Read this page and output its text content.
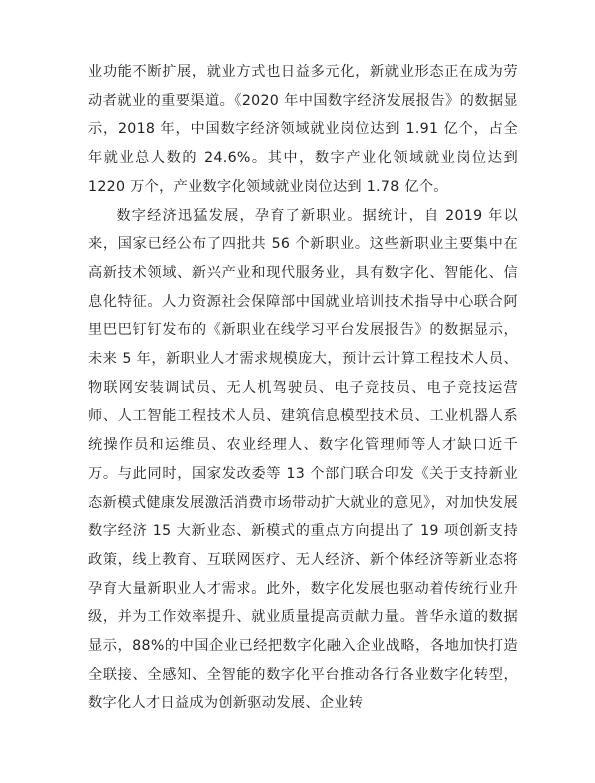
业功能不断扩展，就业方式也日益多元化，新就业形态正在成为劳动者就业的重要渠道。《2020 年中国数字经济发展报告》的数据显示，2018 年，中国数字经济领域就业岗位达到 1.91 亿个，占全年就业总人数的 24.6%。其中，数字产业化领域就业岗位达到 1220 万个，产业数字化领域就业岗位达到 1.78 亿个。

数字经济迅猛发展，孕育了新职业。据统计，自 2019 年以来，国家已经公布了四批共 56 个新职业。这些新职业主要集中在高新技术领域、新兴产业和现代服务业，具有数字化、智能化、信息化特征。人力资源社会保障部中国就业培训技术指导中心联合阿里巴巴钉钉发布的《新职业在线学习平台发展报告》的数据显示，未来 5 年，新职业人才需求规模庞大，预计云计算工程技术人员、物联网安装调试员、无人机驾驶员、电子竞技员、电子竞技运营师、人工智能工程技术人员、建筑信息模型技术员、工业机器人系统操作员和运维员、农业经理人、数字化管理师等人才缺口近千万。与此同时，国家发改委等 13 个部门联合印发《关于支持新业态新模式健康发展激活消费市场带动扩大就业的意见》，对加快发展数字经济 15 大新业态、新模式的重点方向提出了 19 项创新支持政策，线上教育、互联网医疗、无人经济、新个体经济等新业态将孕育大量新职业人才需求。此外，数字化发展也驱动着传统行业升级，并为工作效率提升、就业质量提高贡献力量。普华永道的数据显示，88%的中国企业已经把数字化融入企业战略，各地加快打造全联接、全感知、全智能的数字化平台推动各行各业数字化转型，数字化人才日益成为创新驱动发展、企业转
